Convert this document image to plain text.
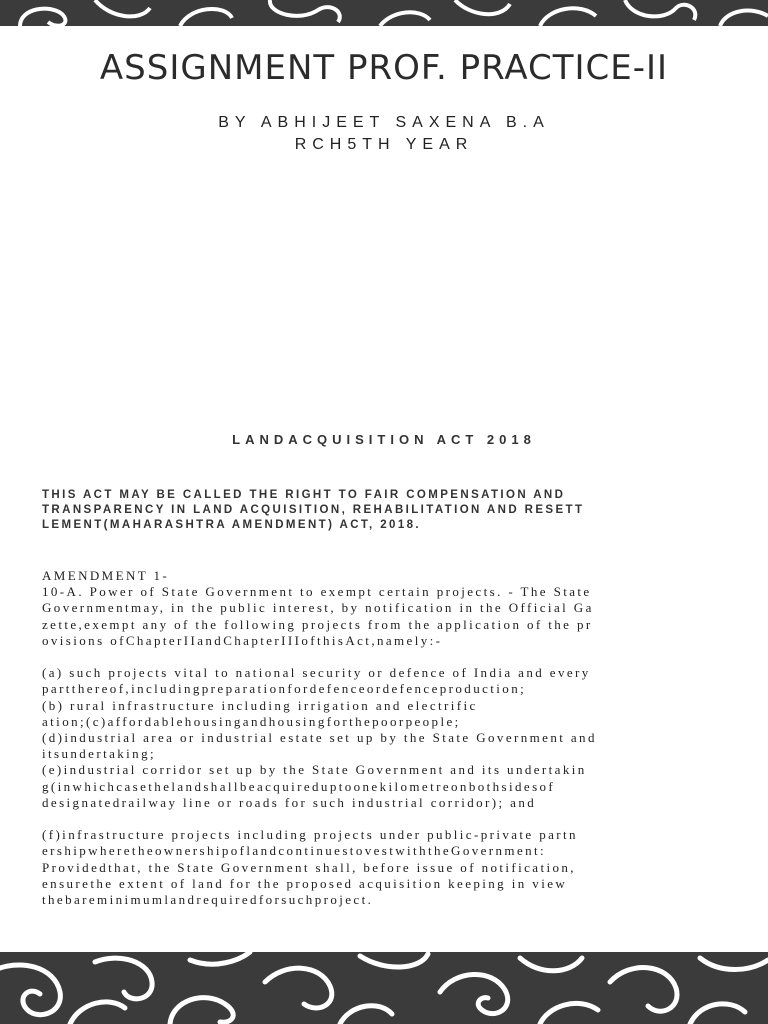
ASSIGNMENT PROF. PRACTICE-II
BY ABHIJEET SAXENA B.A
RCH5TH YEAR
LANDACQUISITION ACT 2018
THIS ACT MAY BE CALLED THE RIGHT TO FAIR COMPENSATION AND
TRANSPARENCY IN LAND ACQUISITION, REHABILITATION AND RESETT
LEMENT(MAHARASHTRA AMENDMENT) ACT, 2018.
AMENDMENT 1-
10-A. Power of State Government to exempt certain projects. - The State
Governmentmay, in the public interest, by notification in the Official Ga
zette,exempt any of the following projects from the application of the pr
ovisions ofChapterIIandChapterIIIofthisAct,namely:-
(a) such projects vital to national security or defence of India and every
partthereof,includingpreparationfordefenceordefenceproduction;
(b) rural infrastructure including irrigation and electrific
ation;(c)affordablehousingandhousingforthepoorpeople;
(d)industrial area or industrial estate set up by the State Government and
itsundertaking;
(e)industrial corridor set up by the State Government and its undertakin
g(inwhichcasethelandshallbeacquireduptoonekilometreonbothsidesof
designatedrailway line or roads for such industrial corridor); and
(f)infrastructure projects including projects under public-private partn
ershipwheretheownershipoflandcontinuestovestwiththeGovernment:
Providedthat, the State Government shall, before issue of notification,
ensurethe extent of land for the proposed acquisition keeping in view
thebareminimumlandrequiredforsuchproject.
